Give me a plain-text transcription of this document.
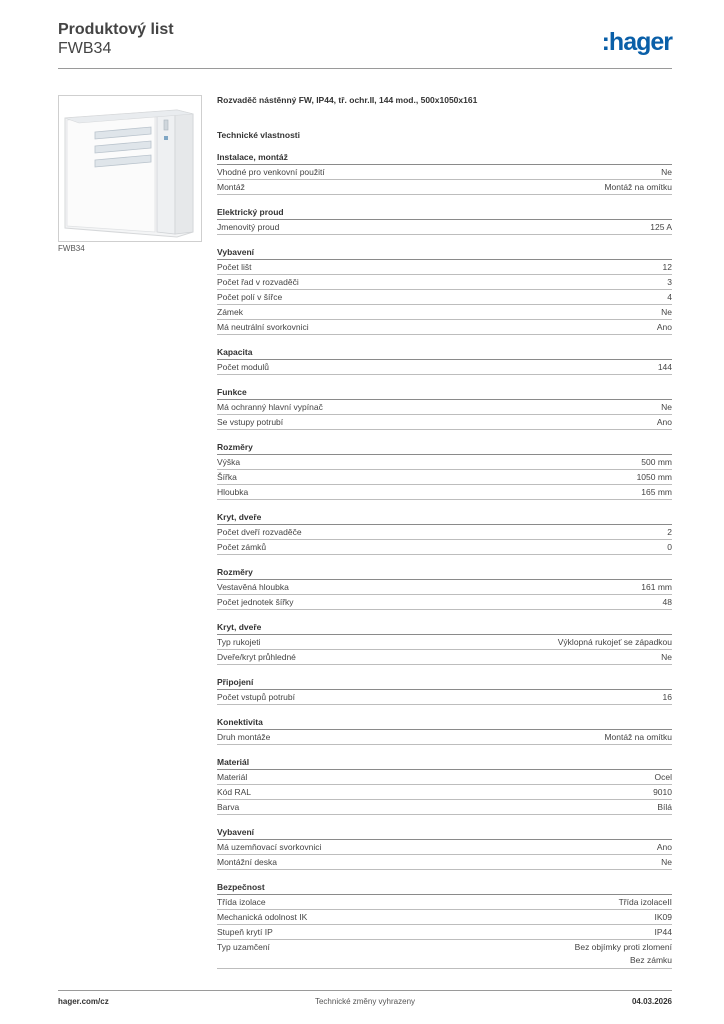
Produktový list
FWB34	:hager
FWB34
Rozvaděč nástěnný FW, IP44, tř. ochr.II, 144 mod., 500x1050x161
Technické vlastnosti
Instalace, montáž
Vhodné pro venkovní použití	Ne
Montáž	Montáž na omítku
Elektrický proud
Jmenovitý proud	125 A
Vybavení
Počet lišt	12
Počet řad v rozvaděči	3
Počet polí v šířce	4
Zámek	Ne
Má neutrální svorkovnici	Ano
Kapacita
Počet modulů	144
Funkce
Má ochranný hlavní vypínač	Ne
Se vstupy potrubí	Ano
Rozměry
Výška	500 mm
Šířka	1050 mm
Hloubka	165 mm
Kryt, dveře
Počet dveří rozvaděče	2
Počet zámků	0
Rozměry
Vestavěná hloubka	161 mm
Počet jednotek šířky	48
Kryt, dveře
Typ rukojeti	Výklopná rukojeť se západkou
Dveře/kryt průhledné	Ne
Připojení
Počet vstupů potrubí	16
Konektivita
Druh montáže	Montáž na omítku
Materiál
Materiál	Ocel
Kód RAL	9010
Barva	Bílá
Vybavení
Má uzemňovací svorkovnici	Ano
Montážní deska	Ne
Bezpečnost
Třída izolace	Třída izolaceII
Mechanická odolnost IK	IK09
Stupeň krytí IP	IP44
Typ uzamčení	Bez objímky proti zlomení
Bez zámku
Technické změny vyhrazeny
hager.com/cz	04.03.2026
